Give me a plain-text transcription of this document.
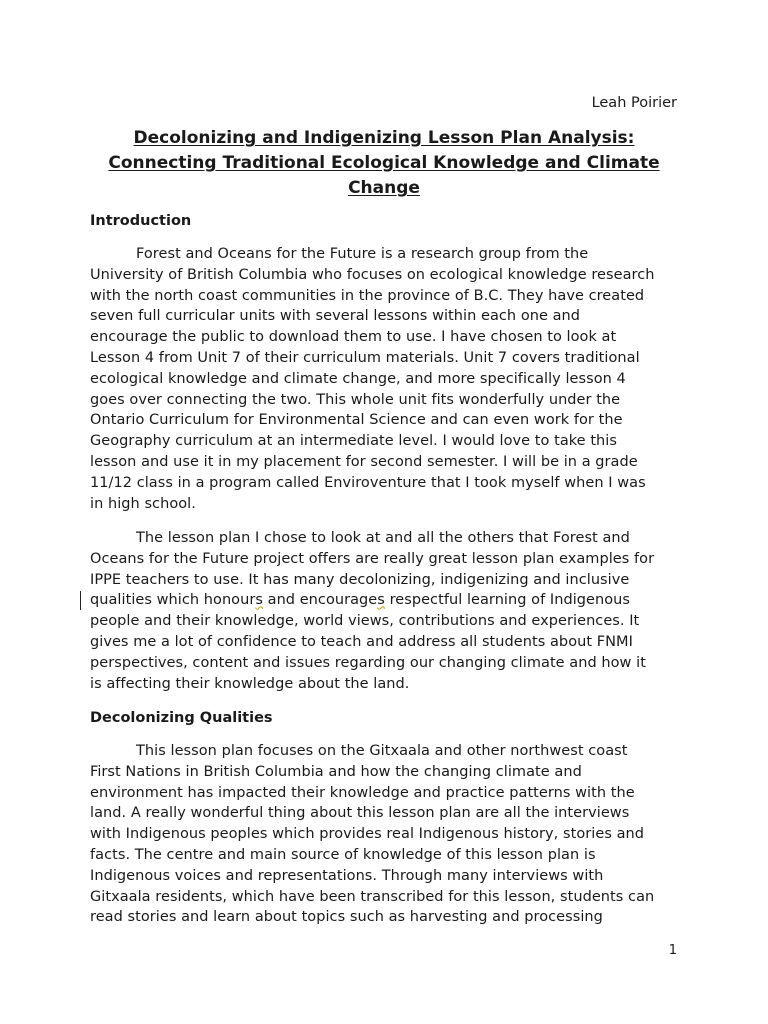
Leah Poirier
Decolonizing and Indigenizing Lesson Plan Analysis:
Connecting Traditional Ecological Knowledge and Climate
Change
Introduction
Forest and Oceans for the Future is a research group from the
University of British Columbia who focuses on ecological knowledge research
with the north coast communities in the province of B.C. They have created
seven full curricular units with several lessons within each one and
encourage the public to download them to use. I have chosen to look at
Lesson 4 from Unit 7 of their curriculum materials. Unit 7 covers traditional
ecological knowledge and climate change, and more specifically lesson 4
goes over connecting the two. This whole unit fits wonderfully under the
Ontario Curriculum for Environmental Science and can even work for the
Geography curriculum at an intermediate level. I would love to take this
lesson and use it in my placement for second semester. I will be in a grade
11/12 class in a program called Enviroventure that I took myself when I was
in high school.
The lesson plan I chose to look at and all the others that Forest and
Oceans for the Future project offers are really great lesson plan examples for
IPPE teachers to use. It has many decolonizing, indigenizing and inclusive
qualities which honours and encourages respectful learning of Indigenous
people and their knowledge, world views, contributions and experiences. It
gives me a lot of confidence to teach and address all students about FNMI
perspectives, content and issues regarding our changing climate and how it
is affecting their knowledge about the land.
Decolonizing Qualities
This lesson plan focuses on the Gitxaala and other northwest coast
First Nations in British Columbia and how the changing climate and
environment has impacted their knowledge and practice patterns with the
land. A really wonderful thing about this lesson plan are all the interviews
with Indigenous peoples which provides real Indigenous history, stories and
facts. The centre and main source of knowledge of this lesson plan is
Indigenous voices and representations. Through many interviews with
Gitxaala residents, which have been transcribed for this lesson, students can
read stories and learn about topics such as harvesting and processing
1
